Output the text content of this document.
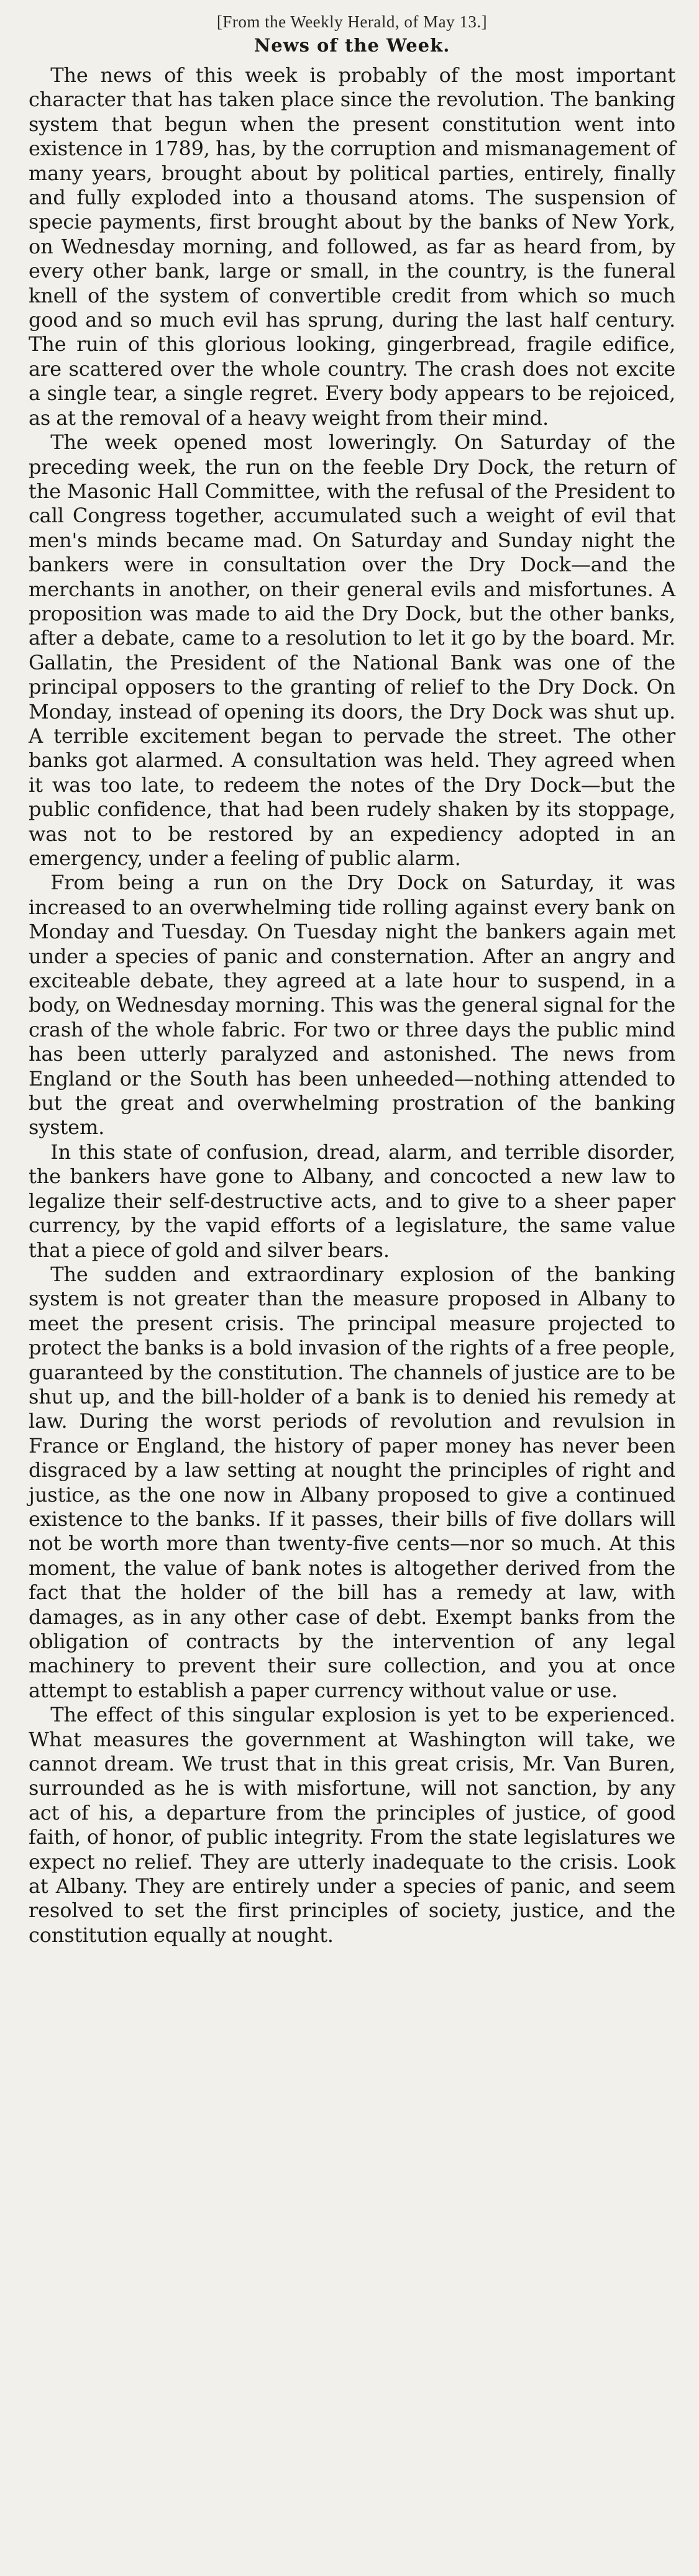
[From the Weekly Herald, of May 13.]
News of the Week.

The news of this week is probably of the most important character that has taken place since the revolution. The banking system that begun when the present constitution went into existence in 1789, has, by the corruption and mismanagement of many years, brought about by political parties, entirely, finally and fully exploded into a thousand atoms. The suspension of specie payments, first brought about by the banks of New York, on Wednesday morning, and followed, as far as heard from, by every other bank, large or small, in the country, is the funeral knell of the system of convertible credit from which so much good and so much evil has sprung, during the last half century. The ruin of this glorious looking, gingerbread, fragile edifice, are scattered over the whole country. The crash does not excite a single tear, a single regret. Every body appears to be rejoiced, as at the removal of a heavy weight from their mind.

The week opened most loweringly. On Saturday of the preceding week, the run on the feeble Dry Dock, the return of the Masonic Hall Committee, with the refusal of the President to call Congress together, accumulated such a weight of evil that men's minds became mad. On Saturday and Sunday night the bankers were in consultation over the Dry Dock—and the merchants in another, on their general evils and misfortunes. A proposition was made to aid the Dry Dock, but the other banks, after a debate, came to a resolution to let it go by the board. Mr. Gallatin, the President of the National Bank was one of the principal opposers to the granting of relief to the Dry Dock. On Monday, instead of opening its doors, the Dry Dock was shut up. A terrible excitement began to pervade the street. The other banks got alarmed. A consultation was held. They agreed when it was too late, to redeem the notes of the Dry Dock—but the public confidence, that had been rudely shaken by its stoppage, was not to be restored by an expediency adopted in an emergency, under a feeling of public alarm.

From being a run on the Dry Dock on Saturday, it was increased to an overwhelming tide rolling against every bank on Monday and Tuesday. On Tuesday night the bankers again met under a species of panic and consternation. After an angry and exciteable debate, they agreed at a late hour to suspend, in a body, on Wednesday morning. This was the general signal for the crash of the whole fabric. For two or three days the public mind has been utterly paralyzed and astonished. The news from England or the South has been unheeded—nothing attended to but the great and overwhelming prostration of the banking system.

In this state of confusion, dread, alarm, and terrible disorder, the bankers have gone to Albany, and concocted a new law to legalize their self-destructive acts, and to give to a sheer paper currency, by the vapid efforts of a legislature, the same value that a piece of gold and silver bears.

The sudden and extraordinary explosion of the banking system is not greater than the measure proposed in Albany to meet the present crisis. The principal measure projected to protect the banks is a bold invasion of the rights of a free people, guaranteed by the constitution. The channels of justice are to be shut up, and the bill-holder of a bank is to denied his remedy at law. During the worst periods of revolution and revulsion in France or England, the history of paper money has never been disgraced by a law setting at nought the principles of right and justice, as the one now in Albany proposed to give a continued existence to the banks. If it passes, their bills of five dollars will not be worth more than twenty-five cents—nor so much. At this moment, the value of bank notes is altogether derived from the fact that the holder of the bill has a remedy at law, with damages, as in any other case of debt. Exempt banks from the obligation of contracts by the intervention of any legal machinery to prevent their sure collection, and you at once attempt to establish a paper currency without value or use.

The effect of this singular explosion is yet to be experienced. What measures the government at Washington will take, we cannot dream. We trust that in this great crisis, Mr. Van Buren, surrounded as he is with misfortune, will not sanction, by any act of his, a departure from the principles of justice, of good faith, of honor, of public integrity. From the state legislatures we expect no relief. They are utterly inadequate to the crisis. Look at Albany. They are entirely under a species of panic, and seem resolved to set the first principles of society, justice, and the constitution equally at nought.
